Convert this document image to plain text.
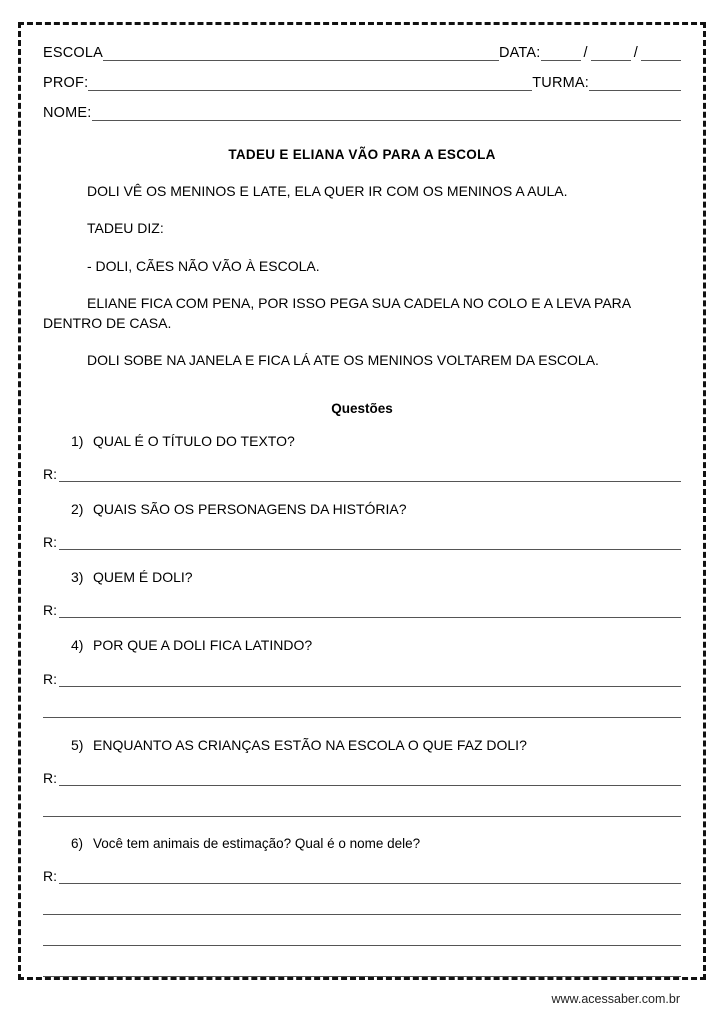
ESCOLA	DATA:	/	/
PROF:	TURMA:
NOME:
TADEU E ELIANA VÃO PARA A ESCOLA
DOLI VÊ OS MENINOS E LATE, ELA QUER IR COM OS MENINOS A AULA.
TADEU DIZ:
- DOLI, CÃES NÃO VÃO À ESCOLA.
ELIANE FICA COM PENA, POR ISSO PEGA SUA CADELA NO COLO E A LEVA PARA DENTRO DE CASA.
DOLI SOBE NA JANELA E FICA LÁ ATE OS MENINOS VOLTAREM DA ESCOLA.
Questões
1) QUAL É O TÍTULO DO TEXTO?
R:
2) QUAIS SÃO OS PERSONAGENS DA HISTÓRIA?
R:
3) QUEM É DOLI?
R:
4) POR QUE A DOLI FICA LATINDO?
R:
5) ENQUANTO AS CRIANÇAS ESTÃO NA ESCOLA O QUE FAZ DOLI?
R:
6) Você tem animais de estimação? Qual é o nome dele?
R:
www.acessaber.com.br
